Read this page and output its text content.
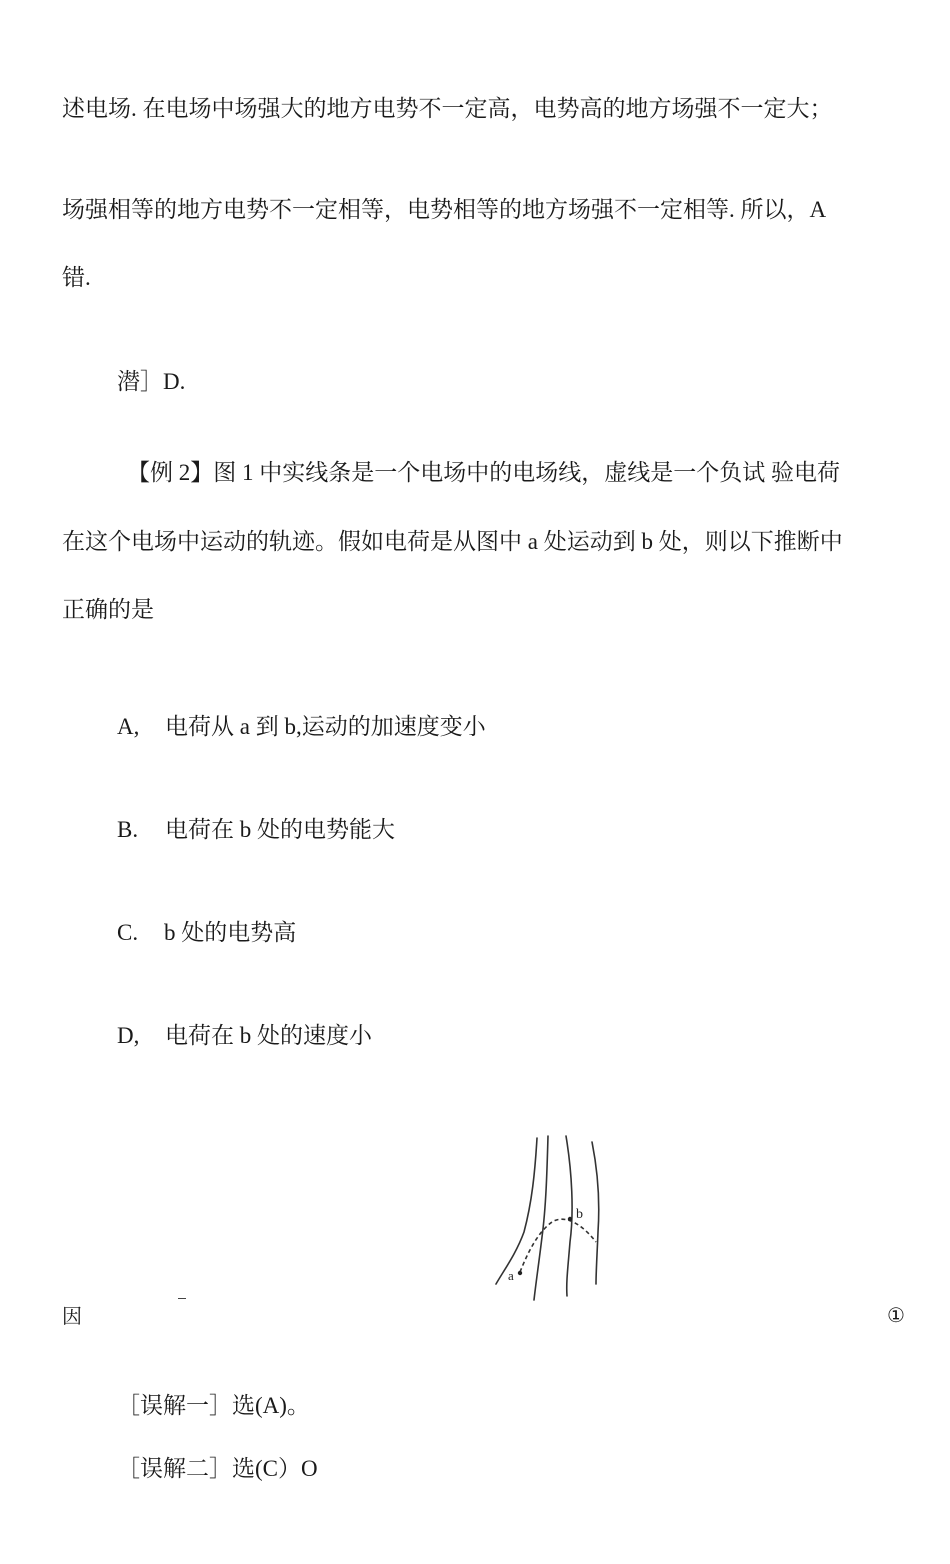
述电场. 在电场中场强大的地方电势不一定高，电势高的地方场强不一定大；
场强相等的地方电势不一定相等，电势相等的地方场强不一定相等. 所以，A
错.
潜］D.
【例 2】图 1 中实线条是一个电场中的电场线，虚线是一个负试 验电荷
在这个电场中运动的轨迹。假如电荷是从图中 a 处运动到 b 处，则以下推断中
正确的是
A, 电荷从 a 到 b,运动的加速度变小
B. 电荷在 b 处的电势能大
C. b 处的电势高
D, 电荷在 b 处的速度小
a
b
因	①
［误解一］选(A)。
［误解二］选(C）O
